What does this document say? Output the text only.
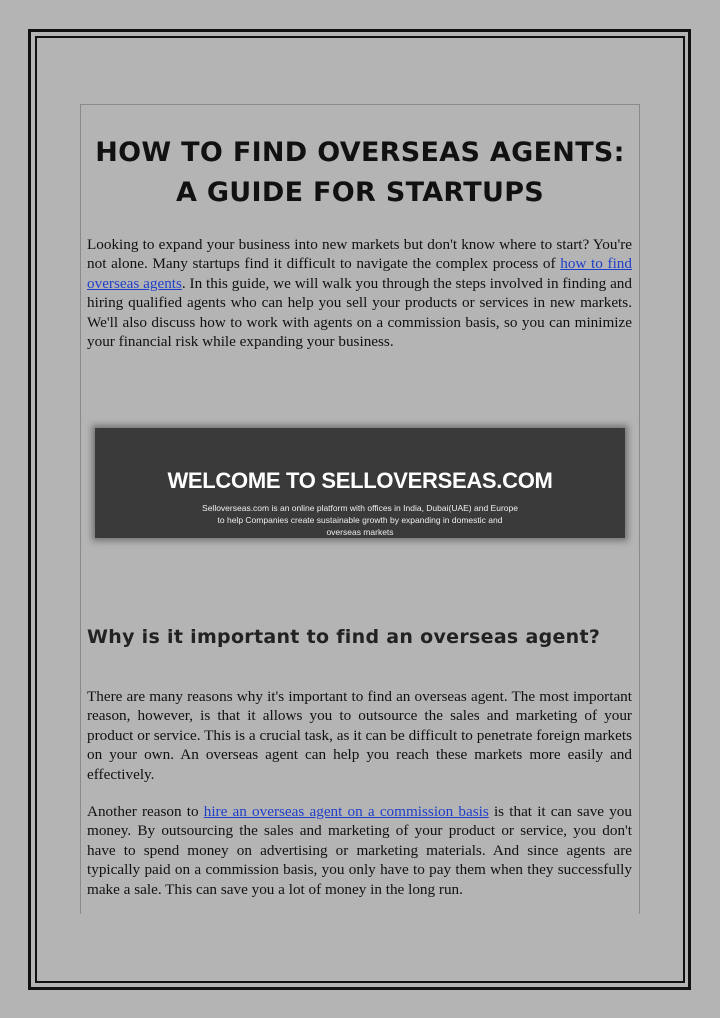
HOW TO FIND OVERSEAS AGENTS:
A GUIDE FOR STARTUPS

Looking to expand your business into new markets but don't know where to start? You're not alone. Many startups find it difficult to navigate the complex process of how to find overseas agents. In this guide, we will walk you through the steps involved in finding and hiring qualified agents who can help you sell your products or services in new markets. We'll also discuss how to work with agents on a commission basis, so you can minimize your financial risk while expanding your business.

WELCOME TO SELLOVERSEAS.COM
Selloverseas.com is an online platform with offices in India, Dubai(UAE) and Europe to help Companies create sustainable growth by expanding in domestic and overseas markets
Why is it important to find an overseas agent?

There are many reasons why it's important to find an overseas agent. The most important reason, however, is that it allows you to outsource the sales and marketing of your product or service. This is a crucial task, as it can be difficult to penetrate foreign markets on your own. An overseas agent can help you reach these markets more easily and effectively.

Another reason to hire an overseas agent on a commission basis is that it can save you money. By outsourcing the sales and marketing of your product or service, you don't have to spend money on advertising or marketing materials. And since agents are typically paid on a commission basis, you only have to pay them when they successfully make a sale. This can save you a lot of money in the long run.
